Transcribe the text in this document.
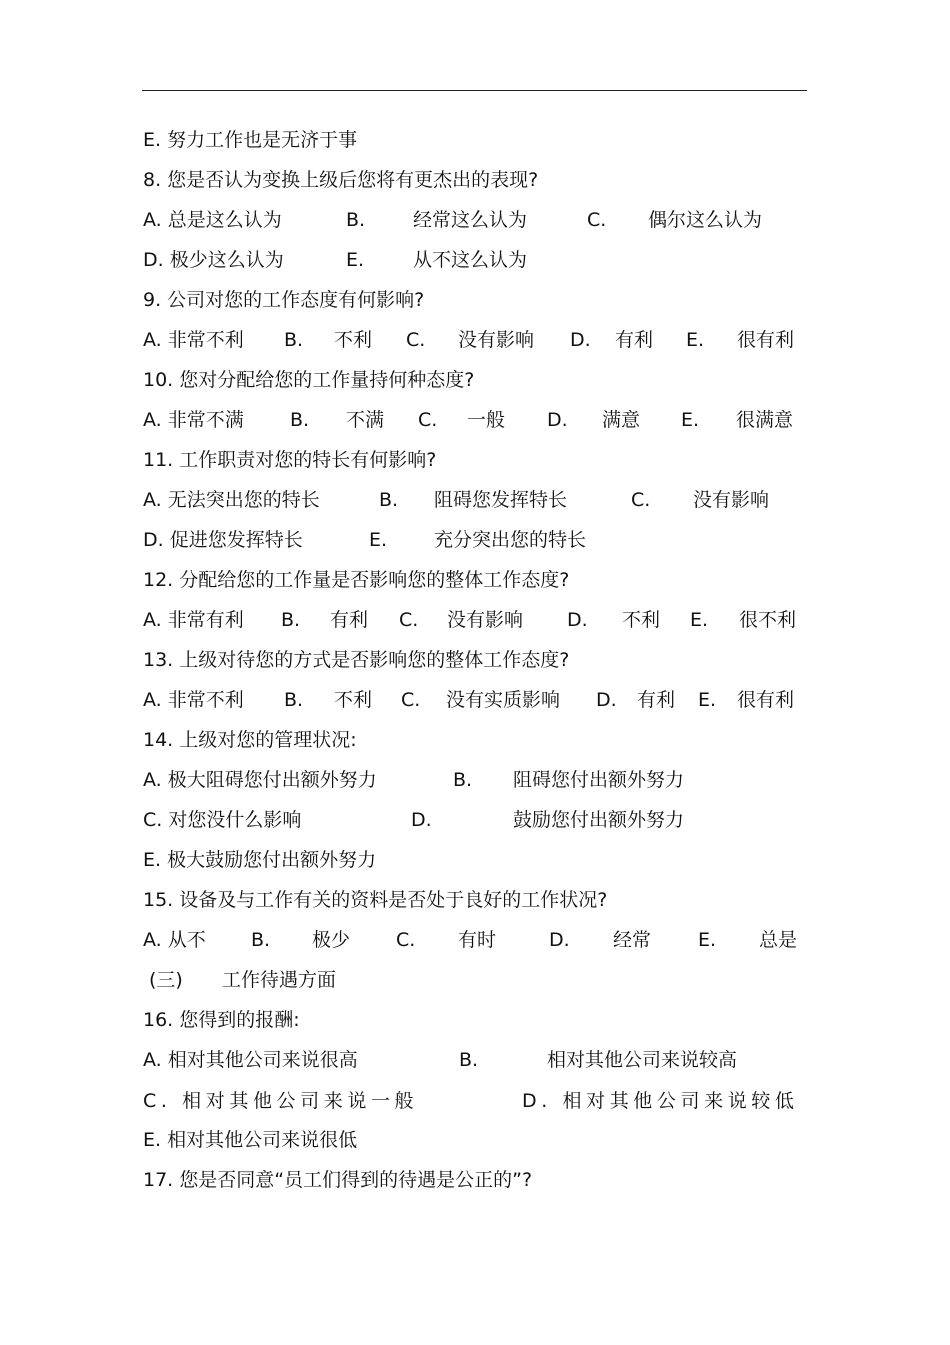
E. 努力工作也是无济于事
8. 您是否认为变换上级后您将有更杰出的表现?
A. 总是这么认为	B.	经常这么认为	C. 偶尔这么认为
D. 极少这么认为	E.	从不这么认为
9. 公司对您的工作态度有何影响?
A. 非常不利 B. 不利 C. 没有影响 D. 有利 E. 很有利
10. 您对分配给您的工作量持何种态度?
A. 非常不满 B. 不满 C. 一般 D. 满意 E. 很满意
11. 工作职责对您的特长有何影响?
A. 无法突出您的特长	B. 阻碍您发挥特长	C. 没有影响
D. 促进您发挥特长	E. 充分突出您的特长
12. 分配给您的工作量是否影响您的整体工作态度?
A. 非常有利 B. 有利 C. 没有影响 D. 不利 E. 很不利
13. 上级对待您的方式是否影响您的整体工作态度?
A. 非常不利 B. 不利 C. 没有实质影响 D. 有利 E. 很有利
14. 上级对您的管理状况:
A. 极大阻碍您付出额外努力	B. 阻碍您付出额外努力
C. 对您没什么影响	D.	鼓励您付出额外努力
E. 极大鼓励您付出额外努力
15. 设备及与工作有关的资料是否处于良好的工作状况?
A. 从不 B. 极少 C. 有时	D. 经常 E. 总是
(三) 工作待遇方面
16. 您得到的报酬:
A. 相对其他公司来说很高	B.	相对其他公司来说较高
C. 相对其他公司来说一般	D. 相对其他公司来说较低
E. 相对其他公司来说很低
17. 您是否同意“员工们得到的待遇是公正的”?
